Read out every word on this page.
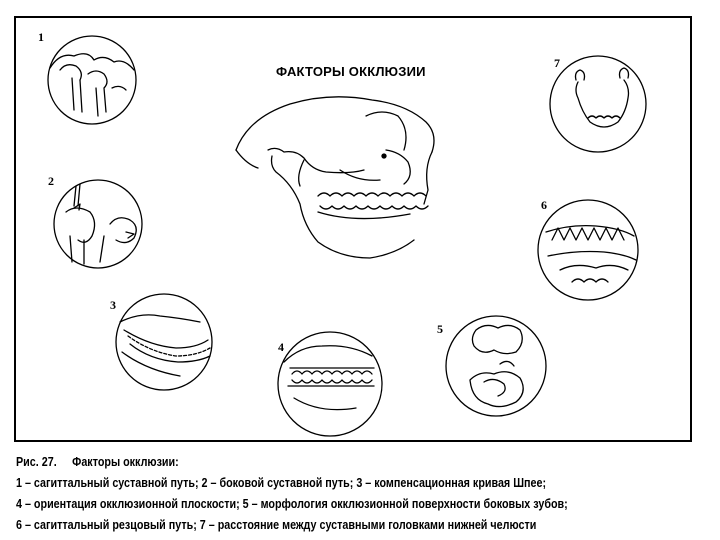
ФАКТОРЫ ОККЛЮЗИИ
1
2
3
4
5
6
7
Рис. 27. Факторы окклюзии:
1 – сагиттальный суставной путь; 2 – боковой суставной путь; 3 – компенсационная кривая Шпее;
4 – ориентация окклюзионной плоскости; 5 – морфология окклюзионной поверхности боковых зубов;
6 – сагиттальный резцовый путь; 7 – расстояние между суставными головками нижней челюсти
